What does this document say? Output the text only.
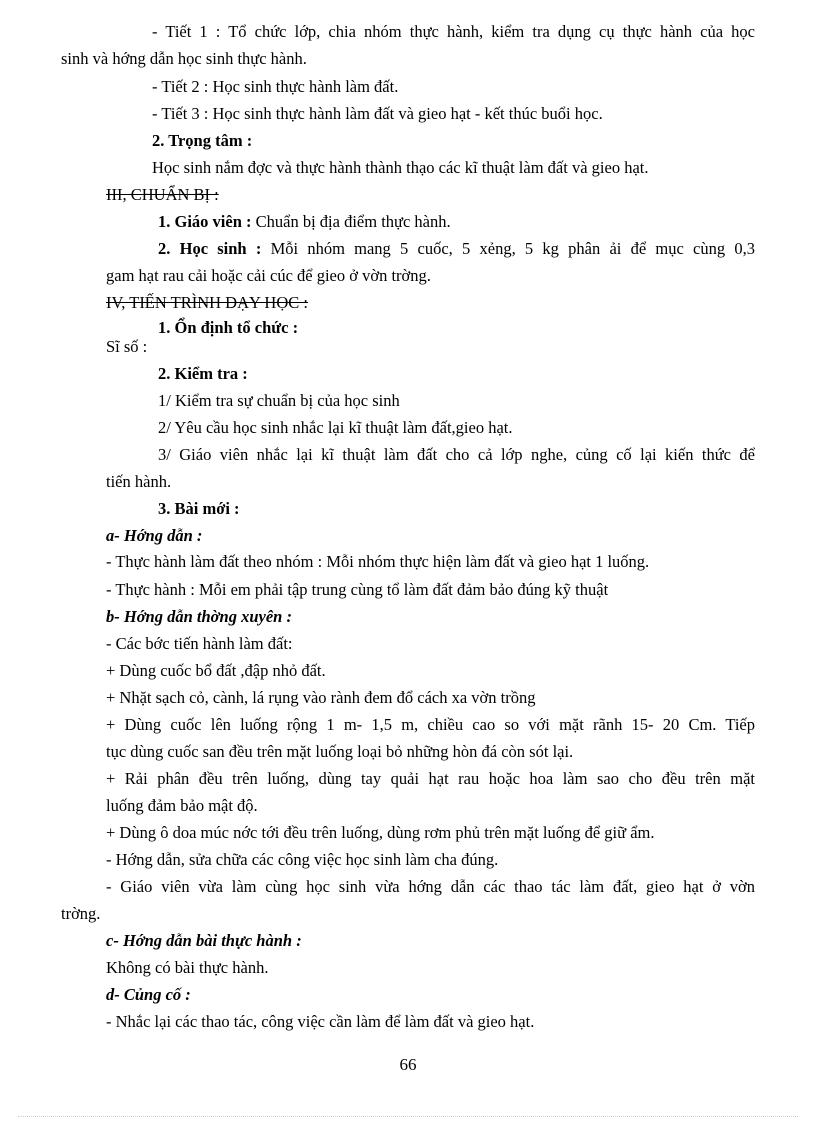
- Tiết 1 : Tổ chức lớp, chia nhóm thực hành, kiểm tra dụng cụ thực hành của học
sinh và hớng dẫn học sinh thực hành.
- Tiết 2 : Học sinh thực hành làm đất.
- Tiết 3 : Học sinh thực hành làm đất và gieo hạt - kết thúc buổi học.
2. Trọng tâm :
Học sinh nắm đợc và thực hành thành thạo các kĩ thuật làm đất và gieo hạt.
III, CHUẨN BỊ :
1. Giáo viên : Chuẩn bị địa điểm thực hành.
2. Học sinh : Mỗi nhóm mang 5 cuốc, 5 xẻng, 5 kg phân ải để mục cùng 0,3
gam hạt rau cải hoặc cải cúc để gieo ở vờn trờng.
IV, TIẾN TRÌNH DẠY HỌC :
1. Ổn định tổ chức :
Sĩ số :
2. Kiểm tra :
1/ Kiểm tra sự chuẩn bị của học sinh
2/ Yêu cầu học sinh nhắc lại kĩ thuật làm đất,gieo hạt.
3/ Giáo viên nhắc lại kĩ thuật làm đất cho cả lớp nghe, củng cố lại kiến thức để
tiến hành.
3. Bài mới :
a- Hớng dẫn :
- Thực hành làm đất theo nhóm : Mỗi nhóm thực hiện làm đất và gieo hạt 1 luống.
- Thực hành : Mỗi em phải tập trung cùng tổ làm đất đảm bảo đúng kỹ thuật
b- Hớng dẫn thờng xuyên :
- Các bớc tiến hành làm đất:
+ Dùng cuốc bổ đất ,đập nhỏ đất.
+ Nhặt sạch cỏ, cành, lá rụng vào rành đem đổ cách xa vờn trồng
+ Dùng cuốc lên luống rộng 1 m- 1,5 m, chiều cao so với mặt rãnh 15- 20 Cm. Tiếp
tục dùng cuốc san đều trên mặt luống loại bỏ những hòn đá còn sót lại.
+ Rải phân đều trên luống, dùng tay quải hạt rau hoặc hoa làm sao cho đều trên mặt
luống đảm bảo mật độ.
+ Dùng ô doa múc nớc tới đều trên luống, dùng rơm phủ trên mặt luống để giữ ẩm.
- Hớng dẫn, sửa chữa các công việc học sinh làm cha đúng.
- Giáo viên vừa làm cùng học sinh vừa hớng dẫn các thao tác làm đất, gieo hạt ở vờn
trờng.
c- Hớng dẫn bài thực hành :
Không có bài thực hành.
d- Củng cố :
- Nhắc lại các thao tác, công việc cần làm để làm đất và gieo hạt.
66
